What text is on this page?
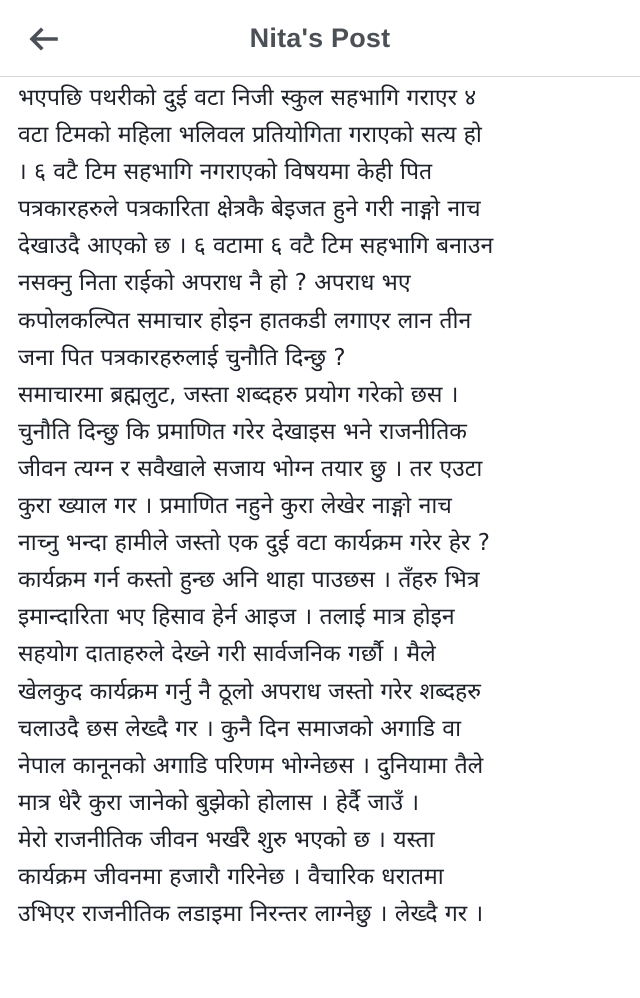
Nita's Post
भएपछि पथरीको दुई वटा निजी स्कुल सहभागि गराएर ४
वटा टिमको महिला भलिवल प्रतियोगिता गराएको सत्य हो
। ६ वटै टिम सहभागि नगराएको विषयमा केही पित
पत्रकारहरुले पत्रकारिता क्षेत्रकै बेइजत हुने गरी नाङ्गो नाच
देखाउदै आएको छ । ६ वटामा ६ वटै टिम सहभागि बनाउन
नसक्नु निता राईको अपराध नै हो ? अपराध भए
कपोलकल्पित समाचार होइन हातकडी लगाएर लान तीन
जना पित पत्रकारहरुलाई चुनौति दिन्छु ?
समाचारमा ब्रह्मलुट, जस्ता शब्दहरु प्रयोग गरेको छस ।
चुनौति दिन्छु कि प्रमाणित गरेर देखाइस भने राजनीतिक
जीवन त्यग्न र सवैखाले सजाय भोग्न तयार छु । तर एउटा
कुरा ख्याल गर । प्रमाणित नहुने कुरा लेखेर नाङ्गो नाच
नाच्नु भन्दा हामीले जस्तो एक दुई वटा कार्यक्रम गरेर हेर ?
कार्यक्रम गर्न कस्तो हुन्छ अनि थाहा पाउछस । तँहरु भित्र
इमान्दारिता भए हिसाव हेर्न आइज । तलाई मात्र होइन
सहयोग दाताहरुले देख्ने गरी सार्वजनिक गर्छौ । मैले
खेलकुद कार्यक्रम गर्नु नै ठूलो अपराध जस्तो गरेर शब्दहरु
चलाउदै छस लेख्दै गर । कुनै दिन समाजको अगाडि वा
नेपाल कानूनको अगाडि परिणम भोग्नेछस । दुनियामा तैले
मात्र धेरै कुरा जानेको बुझेको होलास । हेर्दै जाउँ ।
मेरो राजनीतिक जीवन भर्खरै शुरु भएको छ । यस्ता
कार्यक्रम जीवनमा हजारौ गरिनेछ । वैचारिक धरातमा
उभिएर राजनीतिक लडाइमा निरन्तर लाग्नेछु । लेख्दै गर ।
